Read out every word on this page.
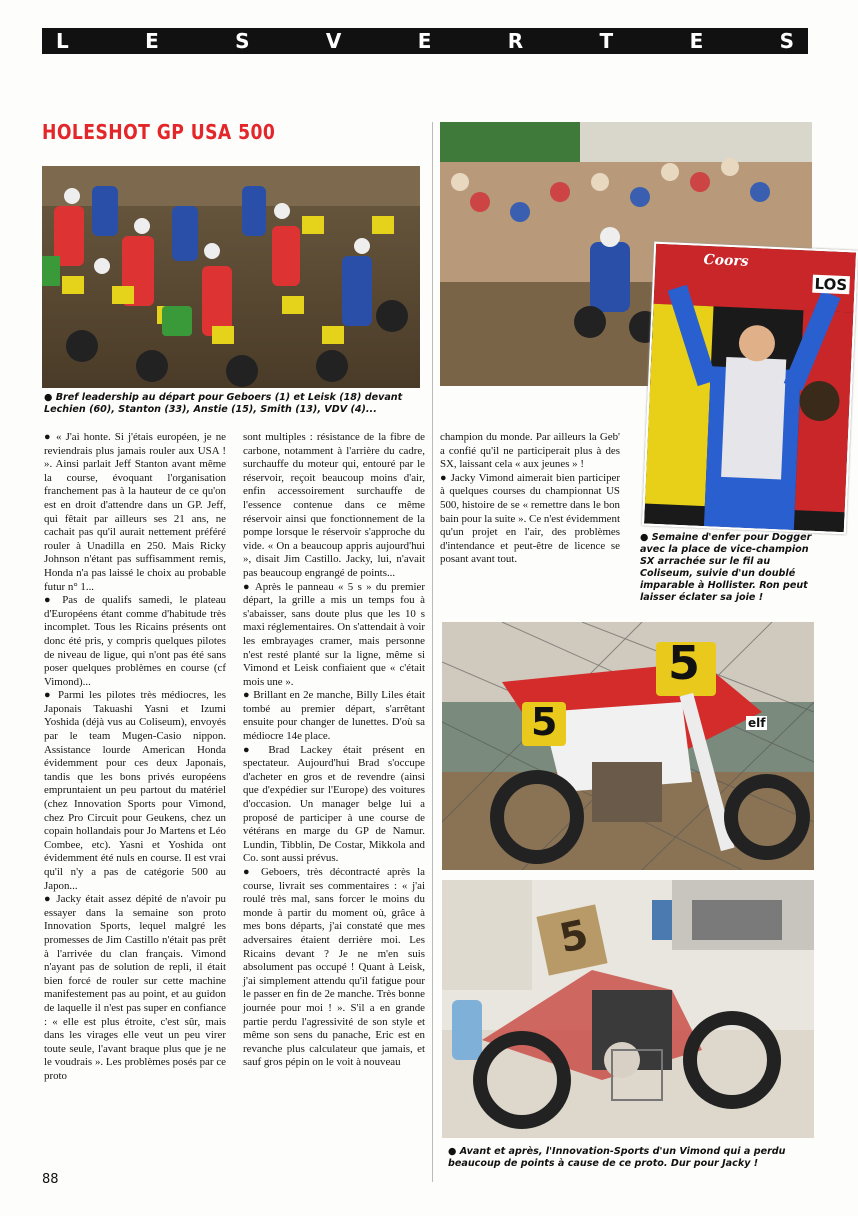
L	E	S	V	E	R	T	E	S
HOLESHOT GP USA 500

● Bref leadership au départ pour Geboers (1) et Leisk (18) devant Lechien (60), Stanton (33), Anstie (15), Smith (13), VDV (4)...

Coors
LOS

● Semaine d'enfer pour Dogger avec la place de vice-champion SX arrachée sur le fil au Coliseum, suivie d'un doublé imparable à Hollister. Ron peut laisser éclater sa joie !

5
5	elf
5

● Avant et après, l'Innovation-Sports d'un Vimond qui a perdu beaucoup de points à cause de ce proto. Dur pour Jacky !

● « J'ai honte. Si j'étais européen, je ne reviendrais plus jamais rouler aux USA ! ». Ainsi parlait Jeff Stanton avant même la course, évoquant l'organisation franchement pas à la hauteur de ce qu'on est en droit d'attendre dans un GP. Jeff, qui fêtait par ailleurs ses 21 ans, ne cachait pas qu'il aurait nettement préféré rouler à Unadilla en 250. Mais Ricky Johnson n'étant pas suffisamment remis, Honda n'a pas laissé le choix au probable futur n° 1...

● Pas de qualifs samedi, le plateau d'Européens étant comme d'habitude très incomplet. Tous les Ricains présents ont donc été pris, y compris quelques pilotes de niveau de ligue, qui n'ont pas été sans poser quelques problèmes en course (cf Vimond)...

● Parmi les pilotes très médiocres, les Japonais Takuashi Yasni et Izumi Yoshida (déjà vus au Coliseum), envoyés par le team Mugen-Casio nippon. Assistance lourde American Honda évidemment pour ces deux Japonais, tandis que les bons privés européens empruntaient un peu partout du matériel (chez Innovation Sports pour Vimond, chez Pro Circuit pour Geukens, chez un copain hollandais pour Jo Martens et Léo Combee, etc). Yasni et Yoshida ont évidemment été nuls en course. Il est vrai qu'il n'y a pas de catégorie 500 au Japon...

● Jacky était assez dépité de n'avoir pu essayer dans la semaine son proto Innovation Sports, lequel malgré les promesses de Jim Castillo n'était pas prêt à l'arrivée du clan français. Vimond n'ayant pas de solution de repli, il était bien forcé de rouler sur cette machine manifestement pas au point, et au guidon de laquelle il n'est pas super en confiance : « elle est plus étroite, c'est sûr, mais dans les virages elle veut un peu virer toute seule, l'avant braque plus que je ne le voudrais ». Les problèmes posés par ce proto

sont multiples : résistance de la fibre de carbone, notamment à l'arrière du cadre, surchauffe du moteur qui, entouré par le réservoir, reçoit beaucoup moins d'air, enfin accessoirement surchauffe de l'essence contenue dans ce même réservoir ainsi que fonctionnement de la pompe lorsque le réservoir s'approche du vide. « On a beaucoup appris aujourd'hui », disait Jim Castillo. Jacky, lui, n'avait pas beaucoup engrangé de points...

● Après le panneau « 5 s » du premier départ, la grille a mis un temps fou à s'abaisser, sans doute plus que les 10 s maxi réglementaires. On s'attendait à voir les embrayages cramer, mais personne n'est resté planté sur la ligne, même si Vimond et Leisk confiaient que « c'était mois une ».

● Brillant en 2e manche, Billy Liles était tombé au premier départ, s'arrêtant ensuite pour changer de lunettes. D'où sa médiocre 14e place.

● Brad Lackey était présent en spectateur. Aujourd'hui Brad s'occupe d'acheter en gros et de revendre (ainsi que d'expédier sur l'Europe) des voitures d'occasion. Un manager belge lui a proposé de participer à une course de vétérans en marge du GP de Namur. Lundin, Tibblin, De Costar, Mikkola and Co. sont aussi prévus.

● Geboers, très décontracté après la course, livrait ses commentaires : « j'ai roulé très mal, sans forcer le moins du monde à partir du moment où, grâce à mes bons départs, j'ai constaté que mes adversaires étaient derrière moi. Les Ricains devant ? Je ne m'en suis absolument pas occupé ! Quant à Leisk, j'ai simplement attendu qu'il fatigue pour le passer en fin de 2e manche. Très bonne journée pour moi ! ». S'il a en grande partie perdu l'agressivité de son style et même son sens du panache, Eric est en revanche plus calculateur que jamais, et sauf gros pépin on le voit à nouveau

champion du monde. Par ailleurs la Geb' a confié qu'il ne participerait plus à des SX, laissant cela « aux jeunes » !

● Jacky Vimond aimerait bien participer à quelques courses du championnat US 500, histoire de se « remettre dans le bon bain pour la suite ». Ce n'est évidemment qu'un projet en l'air, des problèmes d'intendance et peut-être de licence se posant avant tout.

88
